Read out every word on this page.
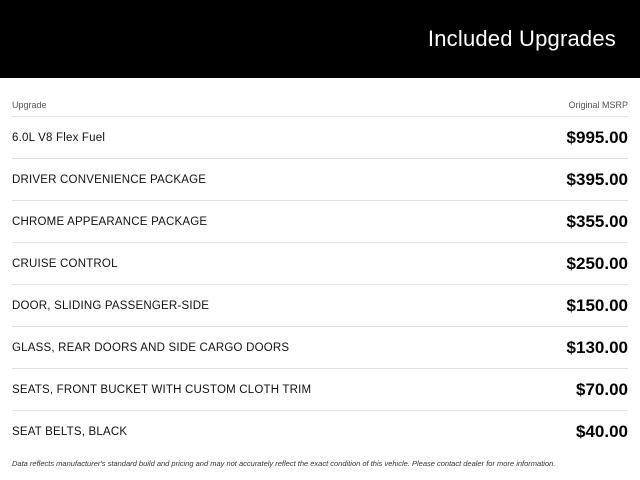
Included Upgrades
Upgrade	Original MSRP
6.0L V8 Flex Fuel	$995.00
DRIVER CONVENIENCE PACKAGE	$395.00
CHROME APPEARANCE PACKAGE	$355.00
CRUISE CONTROL	$250.00
DOOR, SLIDING PASSENGER-SIDE	$150.00
GLASS, REAR DOORS AND SIDE CARGO DOORS	$130.00
SEATS, FRONT BUCKET WITH CUSTOM CLOTH TRIM	$70.00
SEAT BELTS, BLACK	$40.00
Data reflects manufacturer's standard build and pricing and may not accurately reflect the exact condition of this vehicle. Please contact dealer for more information.
